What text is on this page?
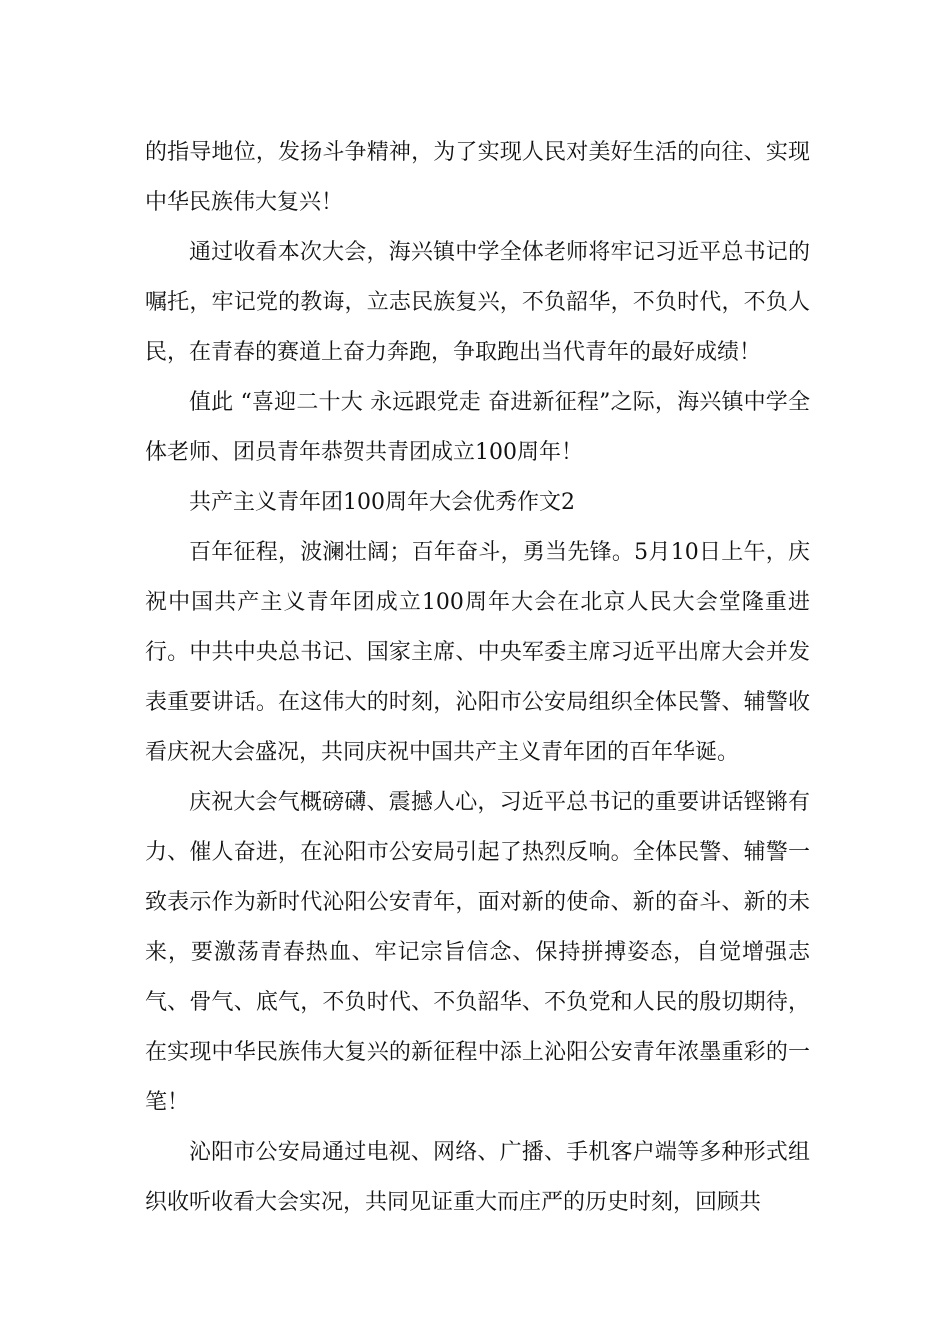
的指导地位，发扬斗争精神，为了实现人民对美好生活的向往、实现中华民族伟大复兴！

通过收看本次大会，海兴镇中学全体老师将牢记习近平总书记的嘱托，牢记党的教诲，立志民族复兴，不负韶华，不负时代，不负人民，在青春的赛道上奋力奔跑，争取跑出当代青年的最好成绩！

值此 “喜迎二十大 永远跟党走 奋进新征程”之际，海兴镇中学全体老师、团员青年恭贺共青团成立100周年！

共产主义青年团100周年大会优秀作文2

百年征程，波澜壮阔；百年奋斗，勇当先锋。5月10日上午，庆祝中国共产主义青年团成立100周年大会在北京人民大会堂隆重进行。中共中央总书记、国家主席、中央军委主席习近平出席大会并发表重要讲话。在这伟大的时刻，沁阳市公安局组织全体民警、辅警收看庆祝大会盛况，共同庆祝中国共产主义青年团的百年华诞。

庆祝大会气概磅礴、震撼人心，习近平总书记的重要讲话铿锵有力、催人奋进，在沁阳市公安局引起了热烈反响。全体民警、辅警一致表示作为新时代沁阳公安青年，面对新的使命、新的奋斗、新的未来，要激荡青春热血、牢记宗旨信念、保持拼搏姿态，自觉增强志气、骨气、底气，不负时代、不负韶华、不负党和人民的殷切期待，在实现中华民族伟大复兴的新征程中添上沁阳公安青年浓墨重彩的一笔！

沁阳市公安局通过电视、网络、广播、手机客户端等多种形式组织收听收看大会实况，共同见证重大而庄严的历史时刻，回顾共
